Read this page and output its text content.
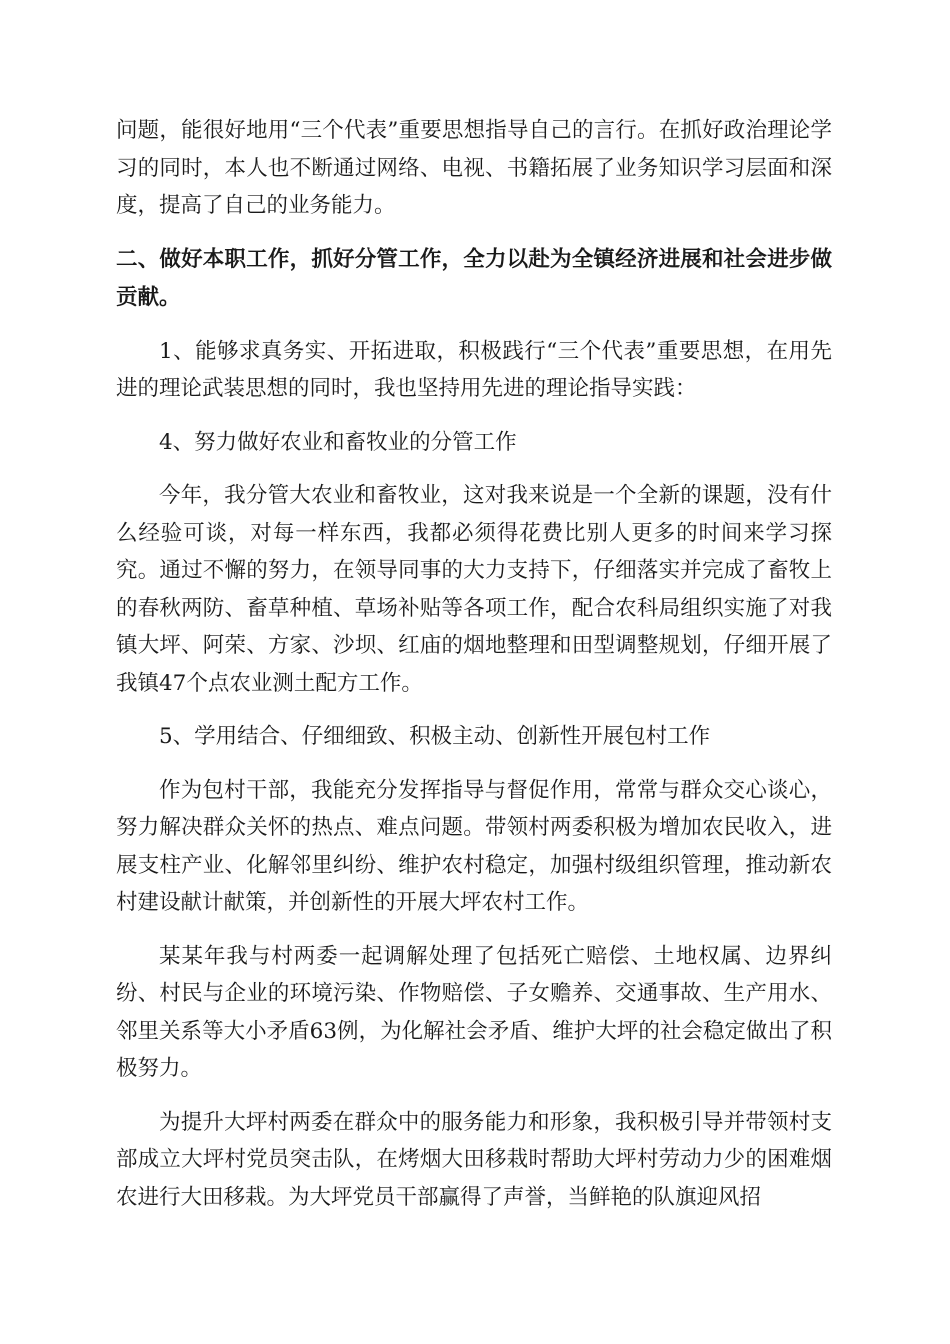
问题，能很好地用“三个代表”重要思想指导自己的言行。在抓好政治理论学习的同时，本人也不断通过网络、电视、书籍拓展了业务知识学习层面和深度，提高了自己的业务能力。

二、做好本职工作，抓好分管工作，全力以赴为全镇经济进展和社会进步做贡献。

1、能够求真务实、开拓进取，积极践行“三个代表”重要思想，在用先进的理论武装思想的同时，我也坚持用先进的理论指导实践：

4、努力做好农业和畜牧业的分管工作

今年，我分管大农业和畜牧业，这对我来说是一个全新的课题，没有什么经验可谈，对每一样东西，我都必须得花费比别人更多的时间来学习探究。通过不懈的努力，在领导同事的大力支持下，仔细落实并完成了畜牧上的春秋两防、畜草种植、草场补贴等各项工作，配合农科局组织实施了对我镇大坪、阿荣、方家、沙坝、红庙的烟地整理和田型调整规划，仔细开展了我镇47个点农业测土配方工作。

5、学用结合、仔细细致、积极主动、创新性开展包村工作

作为包村干部，我能充分发挥指导与督促作用，常常与群众交心谈心，努力解决群众关怀的热点、难点问题。带领村两委积极为增加农民收入，进展支柱产业、化解邻里纠纷、维护农村稳定，加强村级组织管理，推动新农村建设献计献策，并创新性的开展大坪农村工作。

某某年我与村两委一起调解处理了包括死亡赔偿、土地权属、边界纠纷、村民与企业的环境污染、作物赔偿、子女赡养、交通事故、生产用水、邻里关系等大小矛盾63例，为化解社会矛盾、维护大坪的社会稳定做出了积极努力。

为提升大坪村两委在群众中的服务能力和形象，我积极引导并带领村支部成立大坪村党员突击队，在烤烟大田移栽时帮助大坪村劳动力少的困难烟农进行大田移栽。为大坪党员干部赢得了声誉，当鲜艳的队旗迎风招
